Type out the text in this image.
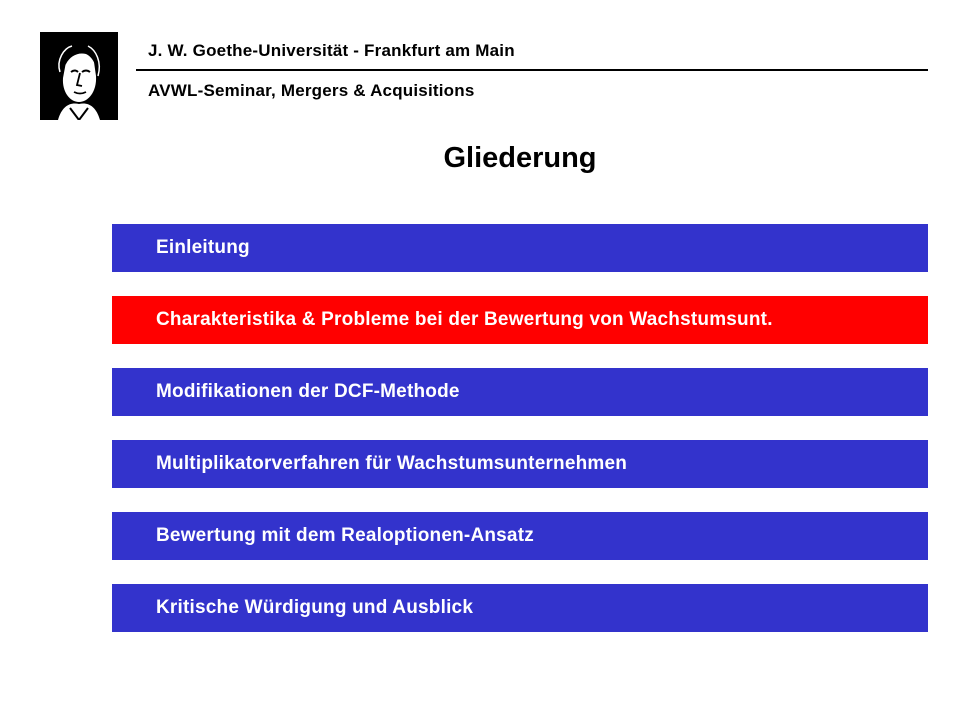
J. W. Goethe-Universität - Frankfurt am Main
AVWL-Seminar, Mergers & Acquisitions
Gliederung
Einleitung
Charakteristika & Probleme bei der Bewertung von Wachstumsunt.
Modifikationen der DCF-Methode
Multiplikatorverfahren für Wachstumsunternehmen
Bewertung mit dem Realoptionen-Ansatz
Kritische Würdigung und Ausblick
